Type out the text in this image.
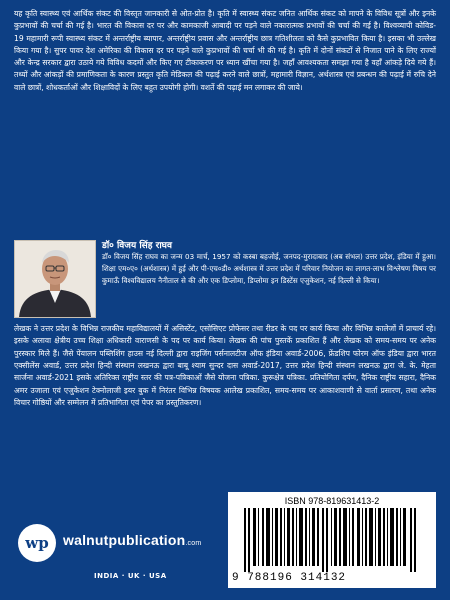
यह कृति स्वास्थ्य एवं आर्थिक संकट की विस्तृत जानकारी से ओत-प्रोत है। कृति में स्वास्थ्य संकट जनित आर्थिक संकट को मापने के विविध सूत्रों और इनके कुप्रभावों की चर्चा की गई है। भारत की विकास दर पर और कामकाजी आबादी पर पड़ने वाले नकारात्मक प्रभावों की चर्चा की गई है। विश्वव्यापी कोविड- 19 महामारी रूपी स्वास्थ्य संकट में अन्तर्राष्ट्रीय ब्यापार, अन्तर्राष्ट्रीय प्रवास और अन्तर्राष्ट्रीय छात्र गतिशीलता को कैसे कुप्रभावित किया है। इसका भी उल्लेख किया गया है। सुपर पावर देश अमेरिका की विकास दर पर पड़ने वाले कुप्रभावों की चर्चा भी की गई है। कृति में दोनों संकटों से निजात पाने के लिए राज्यों और केन्द्र सरकार द्वारा उठाये गये विविध कदमों और किए गए टीकाकरण पर ध्यान खींचा गया है। जहाँ आवश्यकता समझा गया है वहाँ आंकड़े दिये गये हैं। तथ्यों और आंकड़ों की प्रमाणिकता के कारण प्रस्तुत कृति मेडिकल की पढ़ाई करने वाले छात्रों, महामारी विज्ञान, अर्थशास्त्र एवं प्रबन्धन की पढ़ाई में रुचि देने वाले छात्रों, शोधकर्ताओं और शिक्षाविदों के लिए बहुत उपयोगी होगी। वशर्ते की पढ़ाई मन लगाकर की जाये।
डॉ० विजय सिंह राघव
डॉ० विजय सिंह राघव का जन्म 03 मार्च, 1957 को कस्बा बहजोई, जनपद-मुरादाबाद (अब संभल) उत्तर प्रदेश, इंडिया में हुआ। शिक्षा एम०ए० (अर्थशास्त्र) में हुई और पी-एच०डी० अर्थशास्त्र में उत्तर प्रदेश में परिवार नियोजन का लागत-लाभ विश्लेषण विषय पर कुमाऊँ विश्वविद्यालय नैनीताल से की और एक डिप्लोमा, डिप्लोमा इन डिस्टेंस एजुकेशन, नई दिल्ली से किया।
लेखक ने उत्तर प्रदेश के विभिन्न राजकीय महाविद्यालयों में असिस्टेंट, एसोसिएट प्रोफेसर तथा रीडर के पद पर कार्य किया और विभिन्न कालेजों में प्राचार्य रहे। इसके अलावा क्षेत्रीय उच्च शिक्षा अधिकारी वाराणसी के पद पर कार्य किया। लेखक की पांच पुस्तकें प्रकाशित हैं और लेखक को समय-समय पर अनेक पुरस्कार मिले हैं। जैसे पेंयालन पब्लिशिंग हाउस नई दिल्ली द्वारा राइजिंग पर्सनालटीज ऑफ इंडिया अवार्ड-2006, फ्रेंडशिप फोरम ऑफ इंडिया द्वारा भारत एक्सीलेंस अवार्ड, उत्तर प्रदेश हिन्दी संस्थान लखनऊ द्वारा बाबू श्याम सुन्दर दास अवार्ड-2017, उत्तर प्रदेश हिन्दी संस्थान लखनऊ द्वारा जे. के. मेहता सार्जना अवार्ड-2021 इसके अतिरिक्त राष्ट्रीय स्तर की पत्र-पत्रिकाओं जैसे योजना पत्रिका. कुरूक्षेत्र पत्रिका. प्रतियोगिता दर्पण, दैनिक राष्ट्रीय सहारा, दैनिक अमर उजाला एवं एजुकेशन टेक्नोलाजी इयर बुक में निरंतर विभिन्न विषयक आलेख प्रकाशित, समय-समय पर आकाशवाणी से वार्ता प्रसारण, तथा अनेक विचार गोष्ठियों और सम्मेलन में प्रतिभागिता एवं पेपर का प्रस्तुतिकरण।
wp	walnutpublication.com
INDIA · UK · USA
ISBN 978-819631413-2
9 788196 314132
